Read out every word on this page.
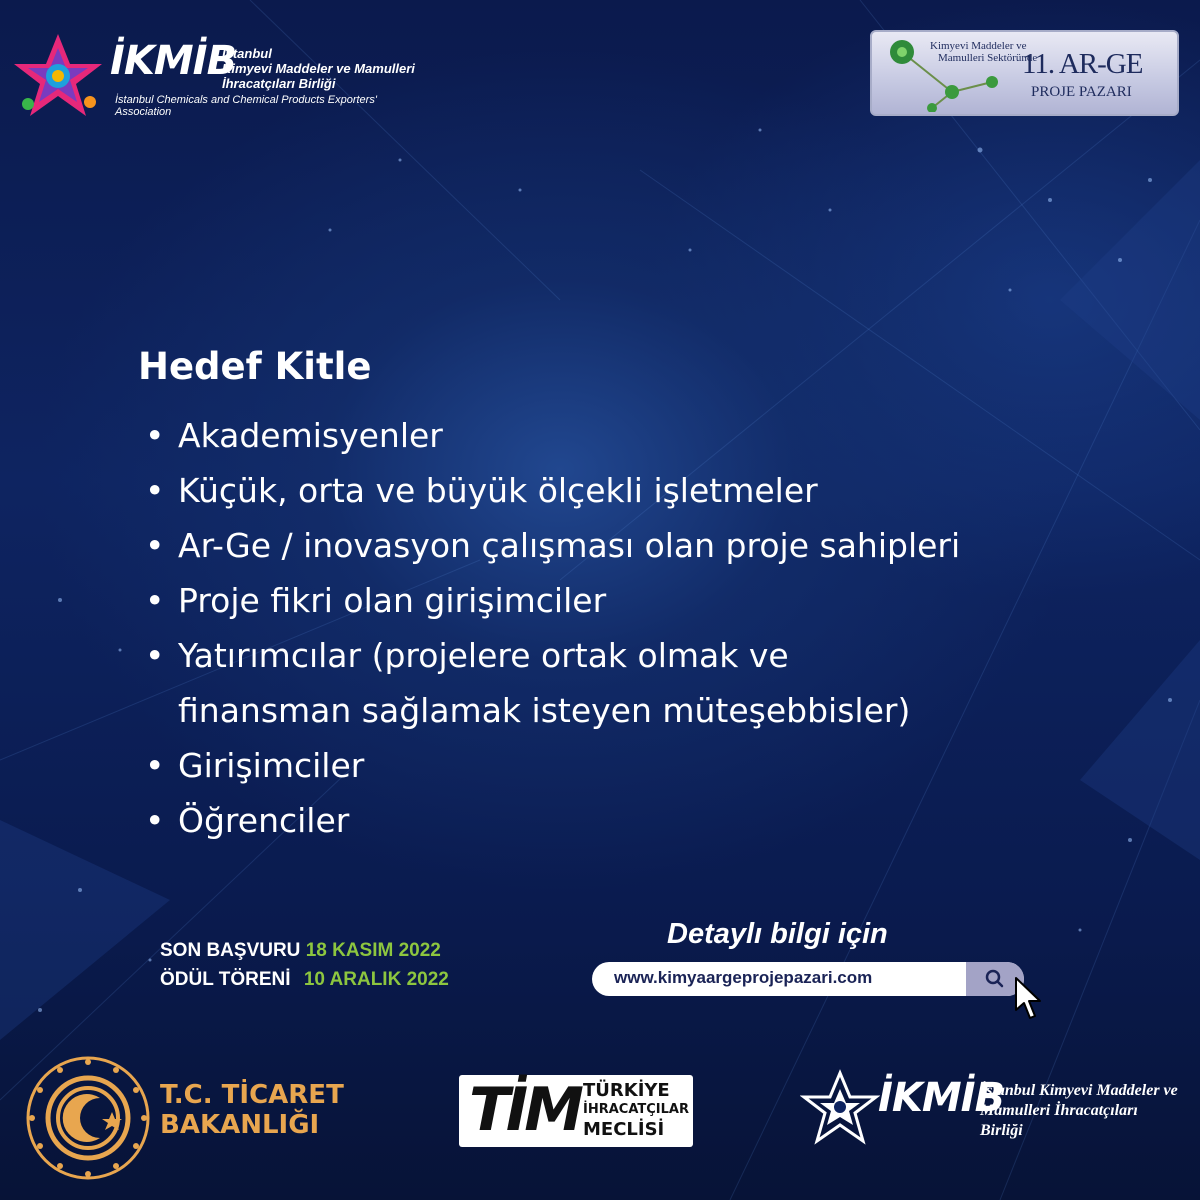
İKMİB
İstanbul
Kimyevi Maddeler ve Mamulleri
İhracatçıları Birliği
İstanbul Chemicals and Chemical Products Exporters' Association
Kimyevi Maddeler ve
Mamulleri Sektöründe
11. AR-GE
PROJE PAZARI
Hedef Kitle
• Akademisyenler
• Küçük, orta ve büyük ölçekli işletmeler
• Ar-Ge / inovasyon çalışması olan proje sahipleri
• Proje fikri olan girişimciler
• Yatırımcılar (projelere ortak olmak ve
finansman sağlamak isteyen müteşebbisler)
• Girişimciler
• Öğrenciler
SON BAŞVURU 18 KASIM 2022
ÖDÜL TÖRENİ 10 ARALIK 2022
Detaylı bilgi için
www.kimyaargeprojepazari.com
T.C. TİCARET
BAKANLIĞI	TİM TÜRKİYE
İHRACATÇILAR
MECLİSİ
İKMİB
İstanbul Kimyevi Maddeler ve
Mamulleri İhracatçıları Birliği
